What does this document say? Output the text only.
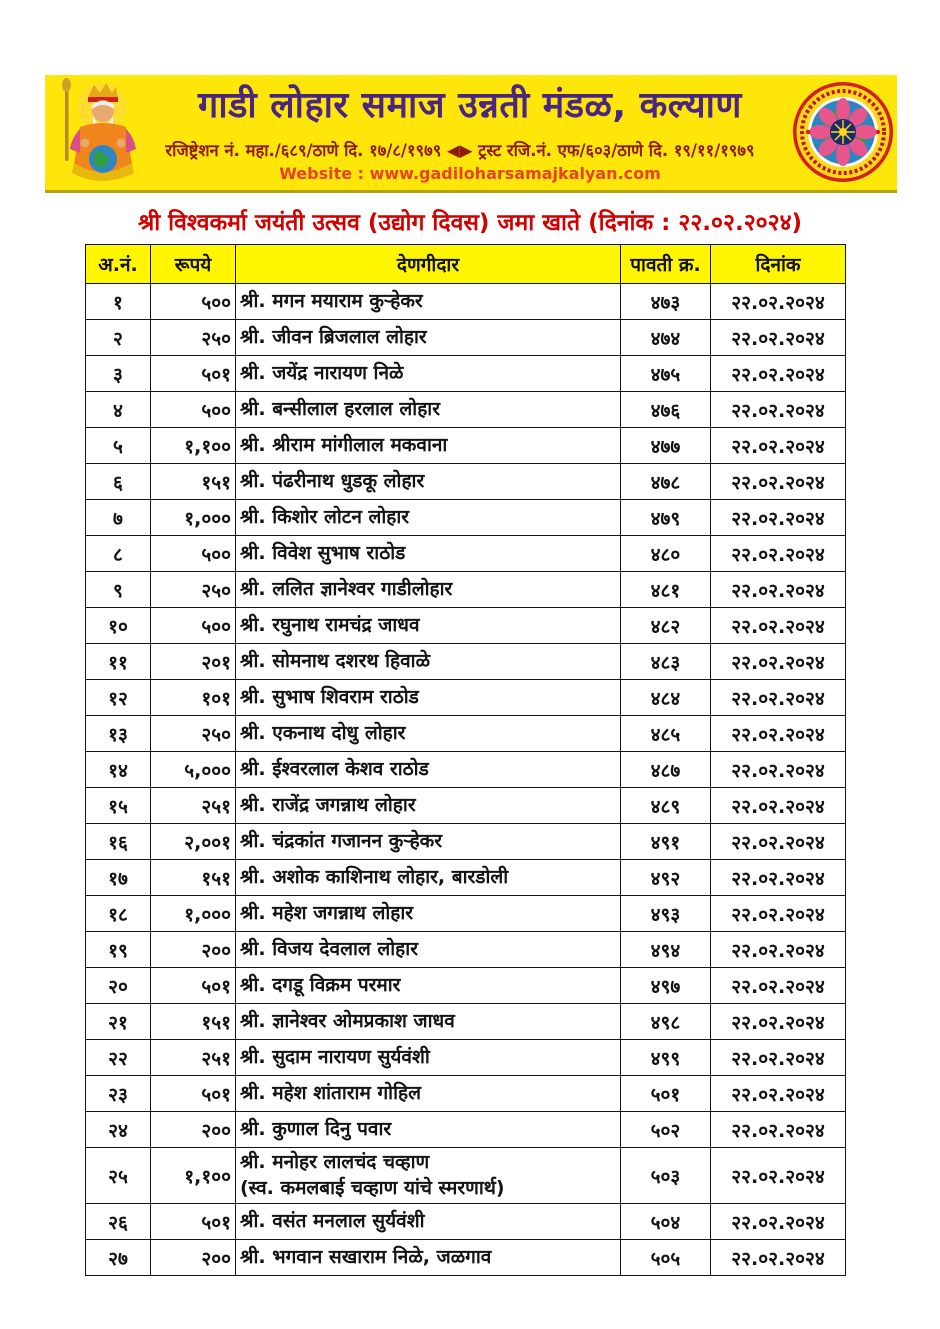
गाडी लोहार समाज उन्नती मंडळ, कल्याण
रजिष्ट्रेशन नं. महा./६८९/ठाणे दि. १७/८/१९७९ ◀▶ ट्रस्ट रजि.नं. एफ/६०३/ठाणे दि. १९/११/१९७९
Website : www.gadiloharsamajkalyan.com
श्री विश्वकर्मा जयंती उत्सव (उद्योग दिवस) जमा खाते (दिनांक : २२.०२.२०२४)
अ.नं.	रूपये	देणगीदार	पावती क्र.	दिनांक
१	५००	श्री. मगन मयाराम कुऱ्हेकर	४७३	२२.०२.२०२४
२	२५०	श्री. जीवन ब्रिजलाल लोहार	४७४	२२.०२.२०२४
३	५०१	श्री. जयेंद्र नारायण निळे	४७५	२२.०२.२०२४
४	५००	श्री. बन्सीलाल हरलाल लोहार	४७६	२२.०२.२०२४
५	१,१००	श्री. श्रीराम मांगीलाल मकवाना	४७७	२२.०२.२०२४
६	१५१	श्री. पंढरीनाथ धुडकू लोहार	४७८	२२.०२.२०२४
७	१,०००	श्री. किशोर लोटन लोहार	४७९	२२.०२.२०२४
८	५००	श्री. विवेश सुभाष राठोड	४८०	२२.०२.२०२४
९	२५०	श्री. ललित ज्ञानेश्वर गाडीलोहार	४८१	२२.०२.२०२४
१०	५००	श्री. रघुनाथ रामचंद्र जाधव	४८२	२२.०२.२०२४
११	२०१	श्री. सोमनाथ दशरथ हिवाळे	४८३	२२.०२.२०२४
१२	१०१	श्री. सुभाष शिवराम राठोड	४८४	२२.०२.२०२४
१३	२५०	श्री. एकनाथ दोधु लोहार	४८५	२२.०२.२०२४
१४	५,०००	श्री. ईश्वरलाल केशव राठोड	४८७	२२.०२.२०२४
१५	२५१	श्री. राजेंद्र जगन्नाथ लोहार	४८९	२२.०२.२०२४
१६	२,००१	श्री. चंद्रकांत गजानन कुऱ्हेकर	४९१	२२.०२.२०२४
१७	१५१	श्री. अशोक काशिनाथ लोहार, बारडोली	४९२	२२.०२.२०२४
१८	१,०००	श्री. महेश जगन्नाथ लोहार	४९३	२२.०२.२०२४
१९	२००	श्री. विजय देवलाल लोहार	४९४	२२.०२.२०२४
२०	५०१	श्री. दगडू विक्रम परमार	४९७	२२.०२.२०२४
२१	१५१	श्री. ज्ञानेश्वर ओमप्रकाश जाधव	४९८	२२.०२.२०२४
२२	२५१	श्री. सुदाम नारायण सुर्यवंशी	४९९	२२.०२.२०२४
२३	५०१	श्री. महेश शांताराम गोहिल	५०१	२२.०२.२०२४
२४	२००	श्री. कुणाल दिनु पवार	५०२	२२.०२.२०२४
२५	१,१००	श्री. मनोहर लालचंद चव्हाण
(स्व. कमलबाई चव्हाण यांचे स्मरणार्थ)	५०३	२२.०२.२०२४
२६	५०१	श्री. वसंत मनलाल सुर्यवंशी	५०४	२२.०२.२०२४
२७	२००	श्री. भगवान सखाराम निळे, जळगाव	५०५	२२.०२.२०२४
